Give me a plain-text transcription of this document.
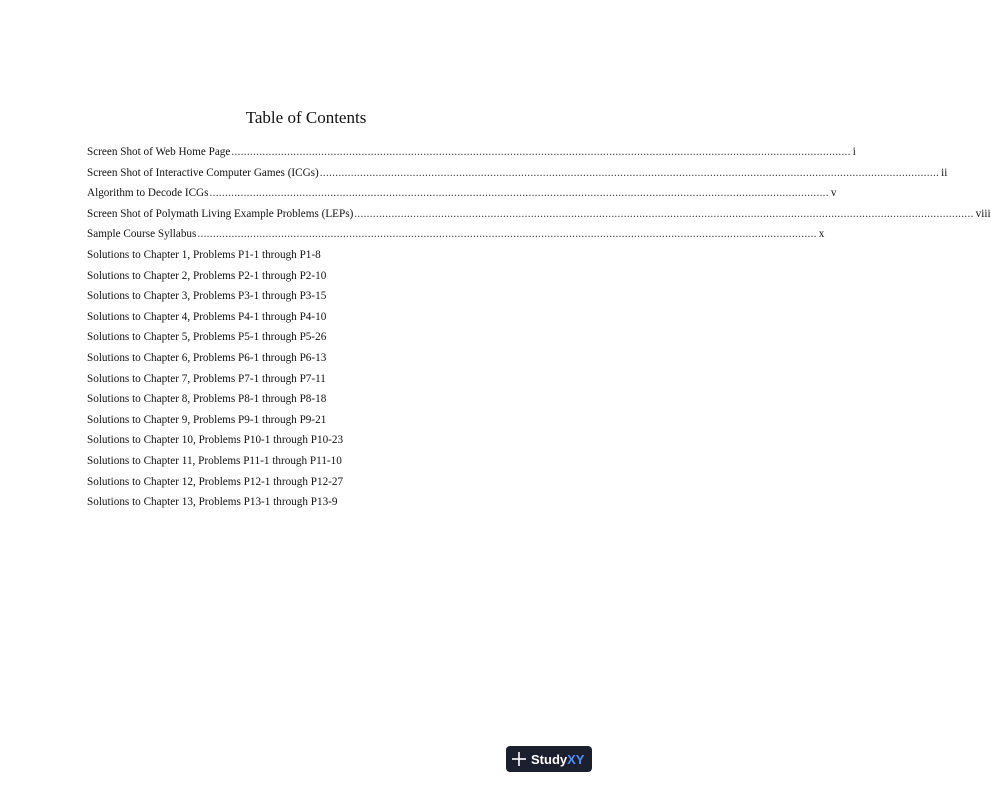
Table of Contents
Screen Shot of Web Home Page ........................................................................................................................................................................................................ i
Screen Shot of Interactive Computer Games (ICGs) ........................................................................................................................................................................................................ ii
Algorithm to Decode ICGs ........................................................................................................................................................................................................ v
Screen Shot of Polymath Living Example Problems (LEPs) ........................................................................................................................................................................................................ viii
Sample Course Syllabus ........................................................................................................................................................................................................ x
Solutions to Chapter 1, Problems P1-1 through P1-8
Solutions to Chapter 2, Problems P2-1 through P2-10
Solutions to Chapter 3, Problems P3-1 through P3-15
Solutions to Chapter 4, Problems P4-1 through P4-10
Solutions to Chapter 5, Problems P5-1 through P5-26
Solutions to Chapter 6, Problems P6-1 through P6-13
Solutions to Chapter 7, Problems P7-1 through P7-11
Solutions to Chapter 8, Problems P8-1 through P8-18
Solutions to Chapter 9, Problems P9-1 through P9-21
Solutions to Chapter 10, Problems P10-1 through P10-23
Solutions to Chapter 11, Problems P11-1 through P11-10
Solutions to Chapter 12, Problems P12-1 through P12-27
Solutions to Chapter 13, Problems P13-1 through P13-9
Study XY
